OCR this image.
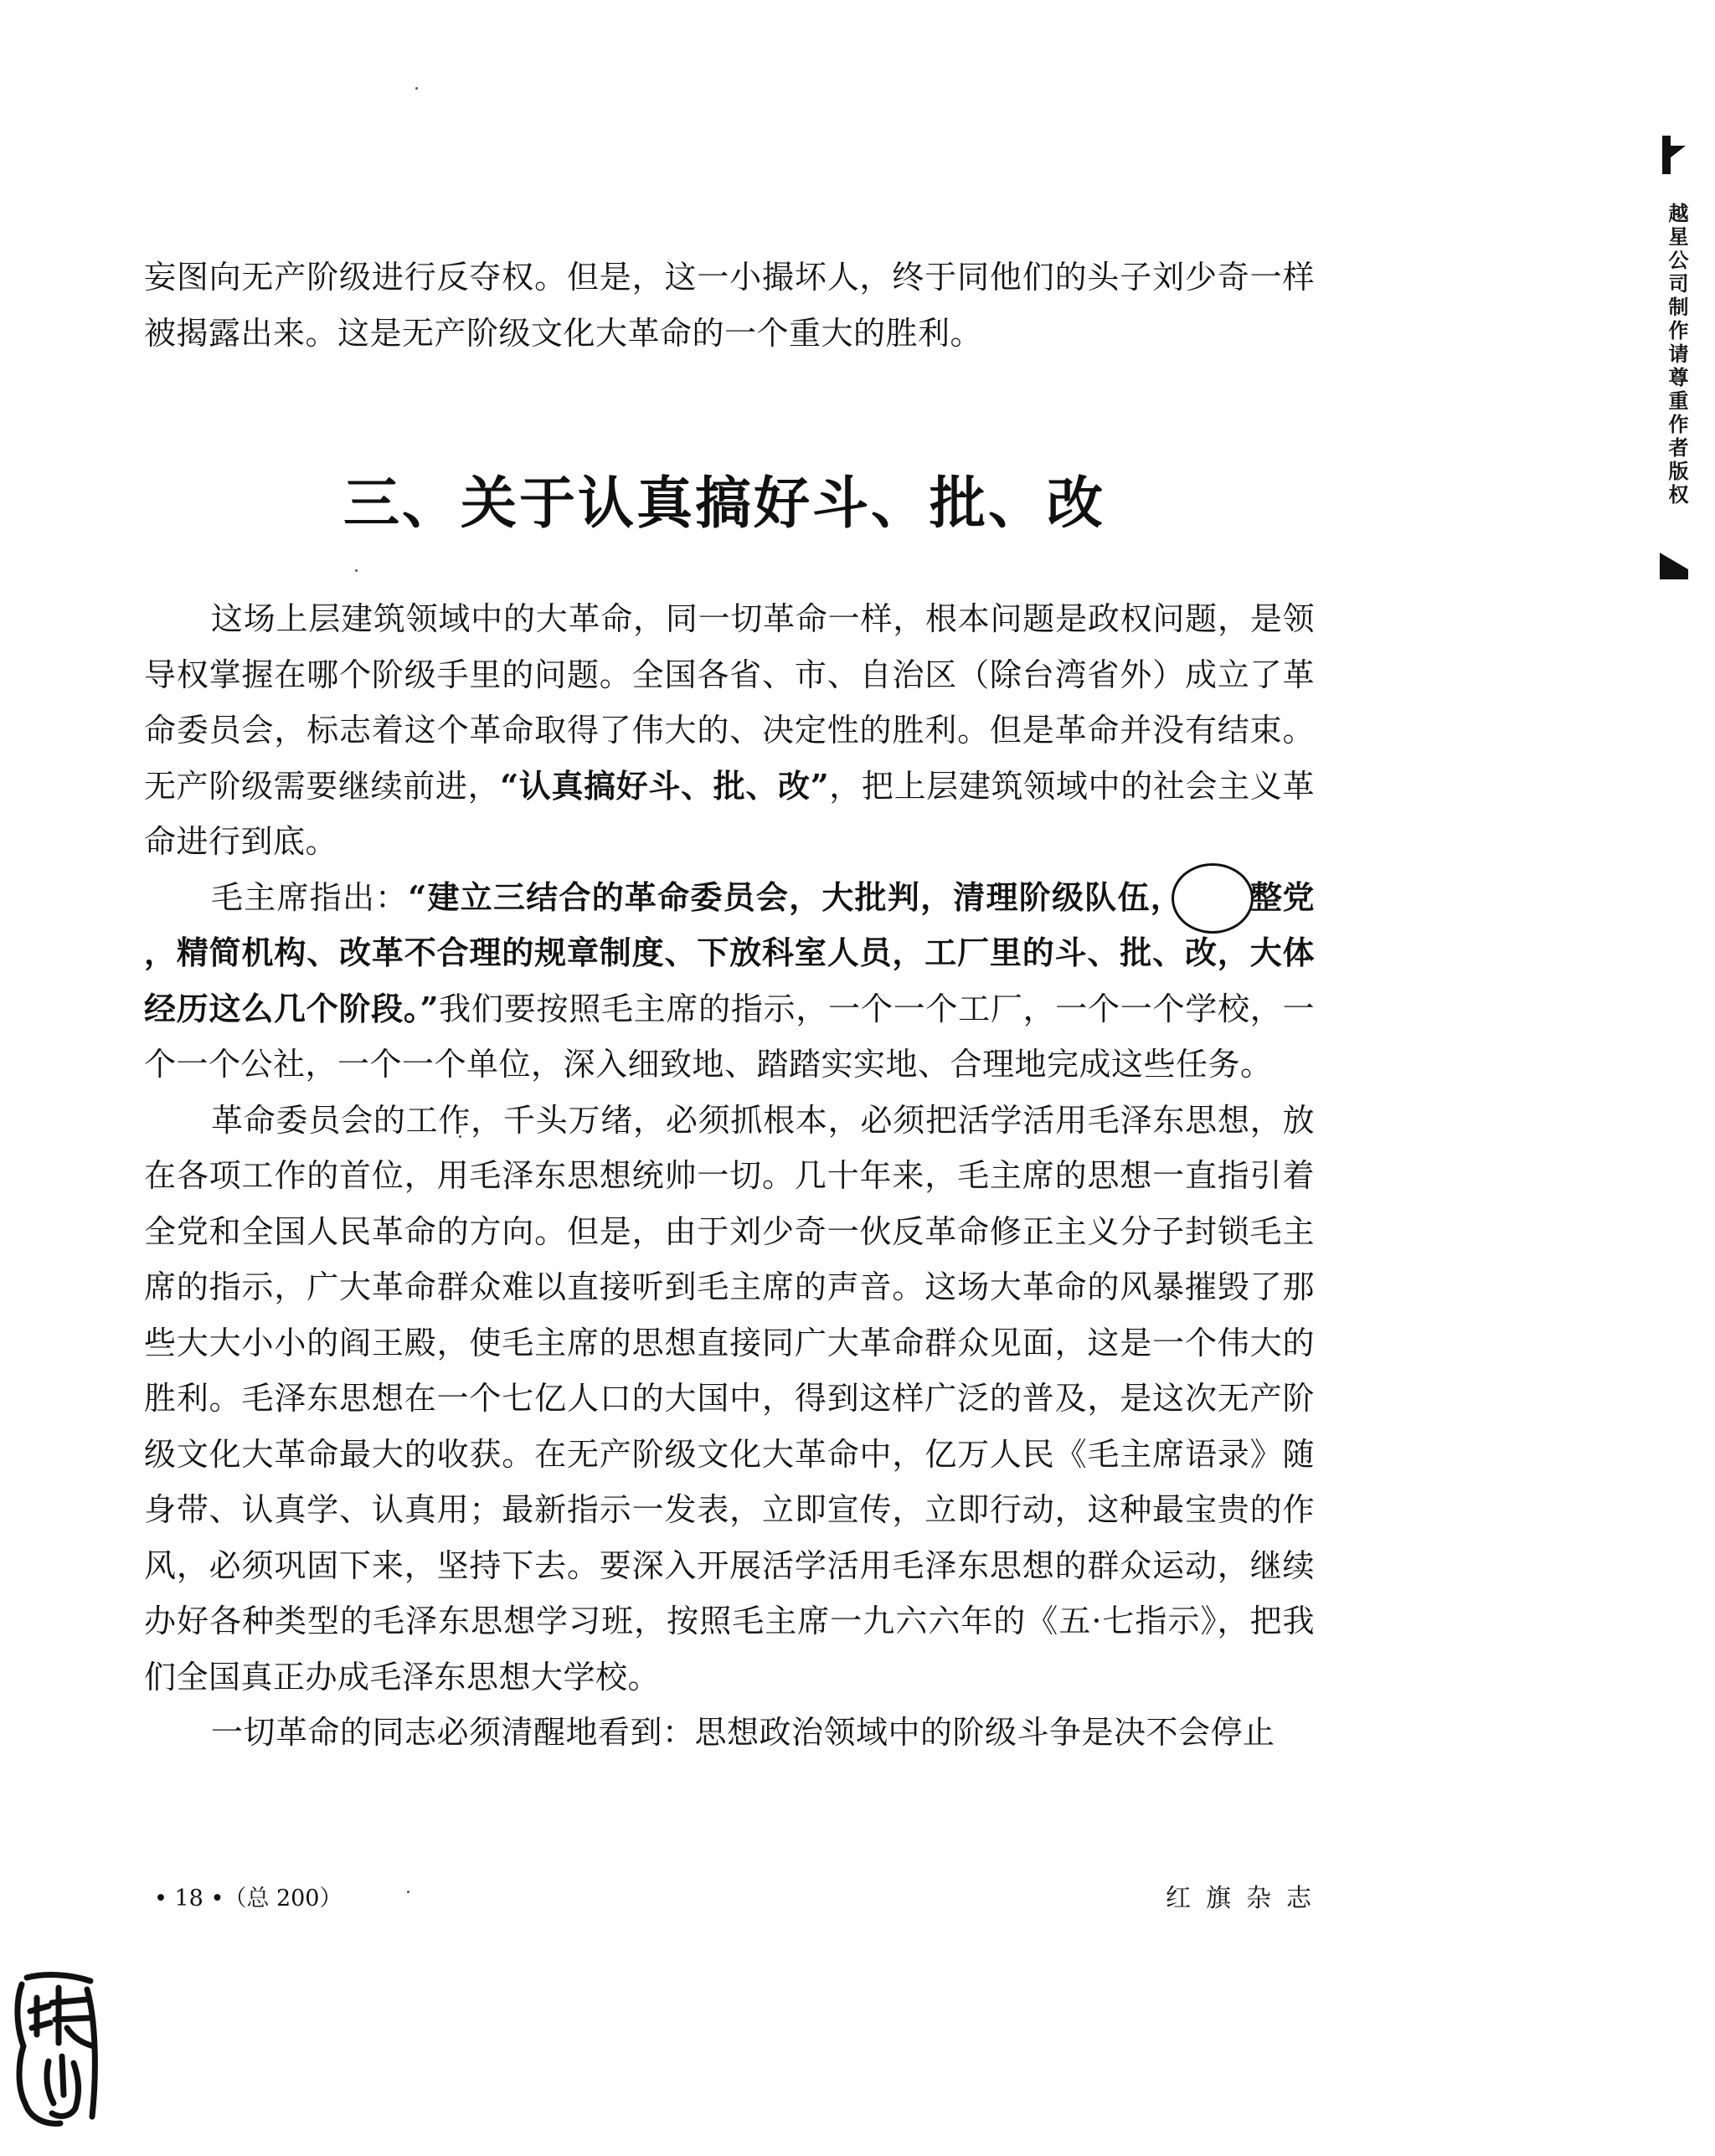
妄图向无产阶级进行反夺权。但是，这一小撮坏人，终于同他们的头子刘少奇一样被揭露出来。这是无产阶级文化大革命的一个重大的胜利。

三、关于认真搞好斗、批、改

这场上层建筑领域中的大革命，同一切革命一样，根本问题是政权问题，是领导权掌握在哪个阶级手里的问题。全国各省、市、自治区（除台湾省外）成立了革命委员会，标志着这个革命取得了伟大的、决定性的胜利。但是革命并没有结束。无产阶级需要继续前进，“认真搞好斗、批、改”，把上层建筑领域中的社会主义革命进行到底。

毛主席指出：“建立三结合的革命委员会，大批判，清理阶级队伍， 整党，精简机构、改革不合理的规章制度、下放科室人员，工厂里的斗、批、改，大体经历这么几个阶段。”我们要按照毛主席的指示，一个一个工厂，一个一个学校，一个一个公社，一个一个单位，深入细致地、踏踏实实地、合理地完成这些任务。

革命委员会的工作，千头万绪，必须抓根本，必须把活学活用毛泽东思想，放在各项工作的首位，用毛泽东思想统帅一切。几十年来，毛主席的思想一直指引着全党和全国人民革命的方向。但是，由于刘少奇一伙反革命修正主义分子封锁毛主席的指示，广大革命群众难以直接听到毛主席的声音。这场大革命的风暴摧毁了那些大大小小的阎王殿，使毛主席的思想直接同广大革命群众见面，这是一个伟大的胜利。毛泽东思想在一个七亿人口的大国中，得到这样广泛的普及，是这次无产阶级文化大革命最大的收获。在无产阶级文化大革命中，亿万人民《毛主席语录》随身带、认真学、认真用；最新指示一发表，立即宣传，立即行动，这种最宝贵的作风，必须巩固下来，坚持下去。要深入开展活学活用毛泽东思想的群众运动，继续办好各种类型的毛泽东思想学习班，按照毛主席一九六六年的《五·七指示》，把我们全国真正办成毛泽东思想大学校。

一切革命的同志必须清醒地看到：思想政治领域中的阶级斗争是决不会停止

• 18 •（总 200）	红旗杂志
越星公司制作请尊重作者版权
